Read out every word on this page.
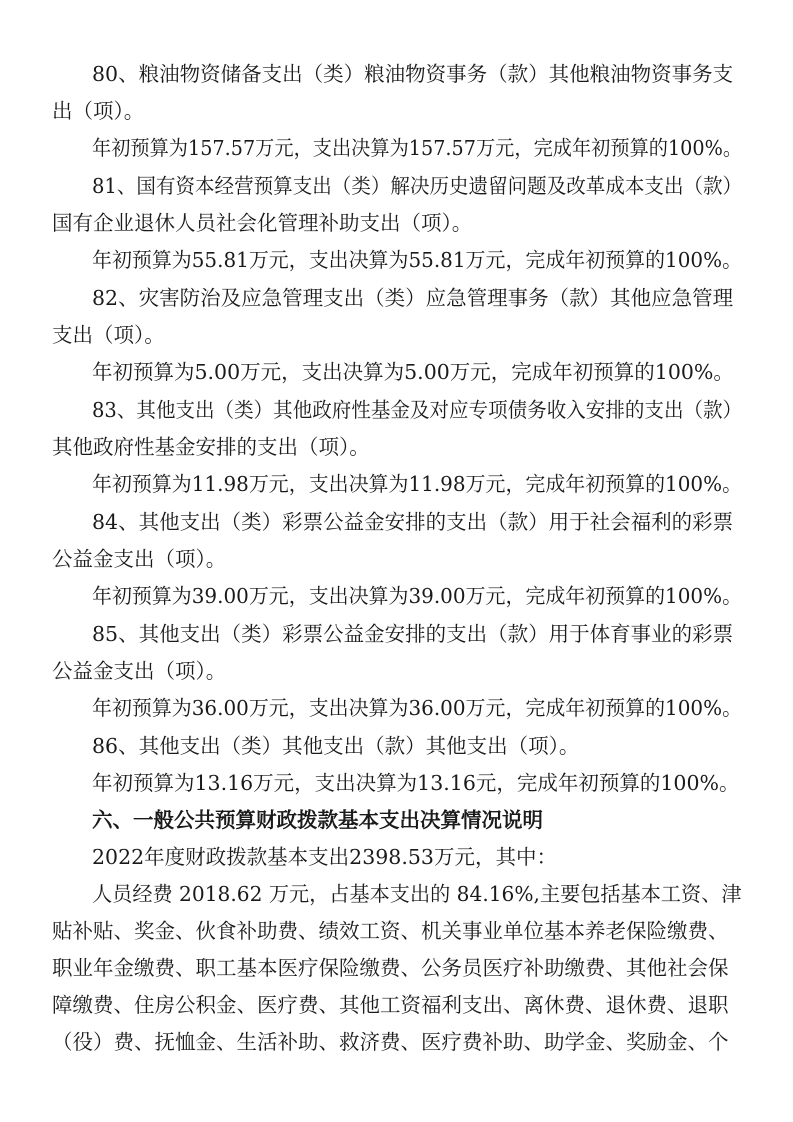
80、粮油物资储备支出（类）粮油物资事务（款）其他粮油物资事务支
出（项）。
年初预算为157.57万元，支出决算为157.57万元，完成年初预算的100%。
81、国有资本经营预算支出（类）解决历史遗留问题及改革成本支出（款）
国有企业退休人员社会化管理补助支出（项）。
年初预算为55.81万元，支出决算为55.81万元，完成年初预算的100%。
82、灾害防治及应急管理支出（类）应急管理事务（款）其他应急管理
支出（项）。
年初预算为5.00万元，支出决算为5.00万元，完成年初预算的100%。
83、其他支出（类）其他政府性基金及对应专项债务收入安排的支出（款）
其他政府性基金安排的支出（项）。
年初预算为11.98万元，支出决算为11.98万元，完成年初预算的100%。
84、其他支出（类）彩票公益金安排的支出（款）用于社会福利的彩票
公益金支出（项）。
年初预算为39.00万元，支出决算为39.00万元，完成年初预算的100%。
85、其他支出（类）彩票公益金安排的支出（款）用于体育事业的彩票
公益金支出（项）。
年初预算为36.00万元，支出决算为36.00万元，完成年初预算的100%。
86、其他支出（类）其他支出（款）其他支出（项）。
年初预算为13.16万元，支出决算为13.16元，完成年初预算的100%。
六、一般公共预算财政拨款基本支出决算情况说明
2022年度财政拨款基本支出2398.53万元，其中：
人员经费 2018.62 万元，占基本支出的 84.16%,主要包括基本工资、津
贴补贴、奖金、伙食补助费、绩效工资、机关事业单位基本养老保险缴费、
职业年金缴费、职工基本医疗保险缴费、公务员医疗补助缴费、其他社会保
障缴费、住房公积金、医疗费、其他工资福利支出、离休费、退休费、退职
（役）费、抚恤金、生活补助、救济费、医疗费补助、助学金、奖励金、个
